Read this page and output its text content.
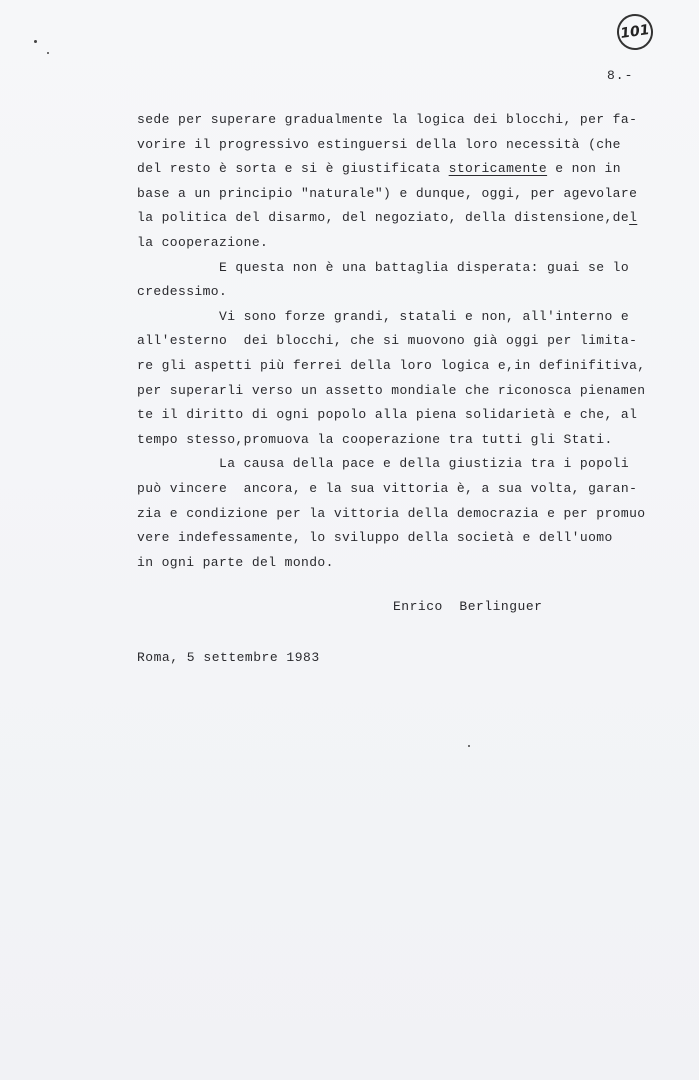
101
8.-
sede per superare gradualmente la logica dei blocchi, per fa-
vorire il progressivo estinguersi della loro necessità (che
del resto è sorta e si è giustificata storicamente e non in
base a un principio "naturale") e dunque, oggi, per agevolare
la politica del disarmo, del negoziato, della distensione,del
la cooperazione.
E questa non è una battaglia disperata: guai se lo
credessimo.
Vi sono forze grandi, statali e non, all'interno e
all'esterno  dei blocchi, che si muovono già oggi per limita-
re gli aspetti più ferrei della loro logica e,in definifitiva,
per superarli verso un assetto mondiale che riconosca pienamen
te il diritto di ogni popolo alla piena solidarietà e che, al
tempo stesso,promuova la cooperazione tra tutti gli Stati.
La causa della pace e della giustizia tra i popoli
può vincere  ancora, e la sua vittoria è, a sua volta, garan-
zia e condizione per la vittoria della democrazia e per promuo
vere indefessamente, lo sviluppo della società e dell'uomo
in ogni parte del mondo.
Enrico  Berlinguer
Roma, 5 settembre 1983
